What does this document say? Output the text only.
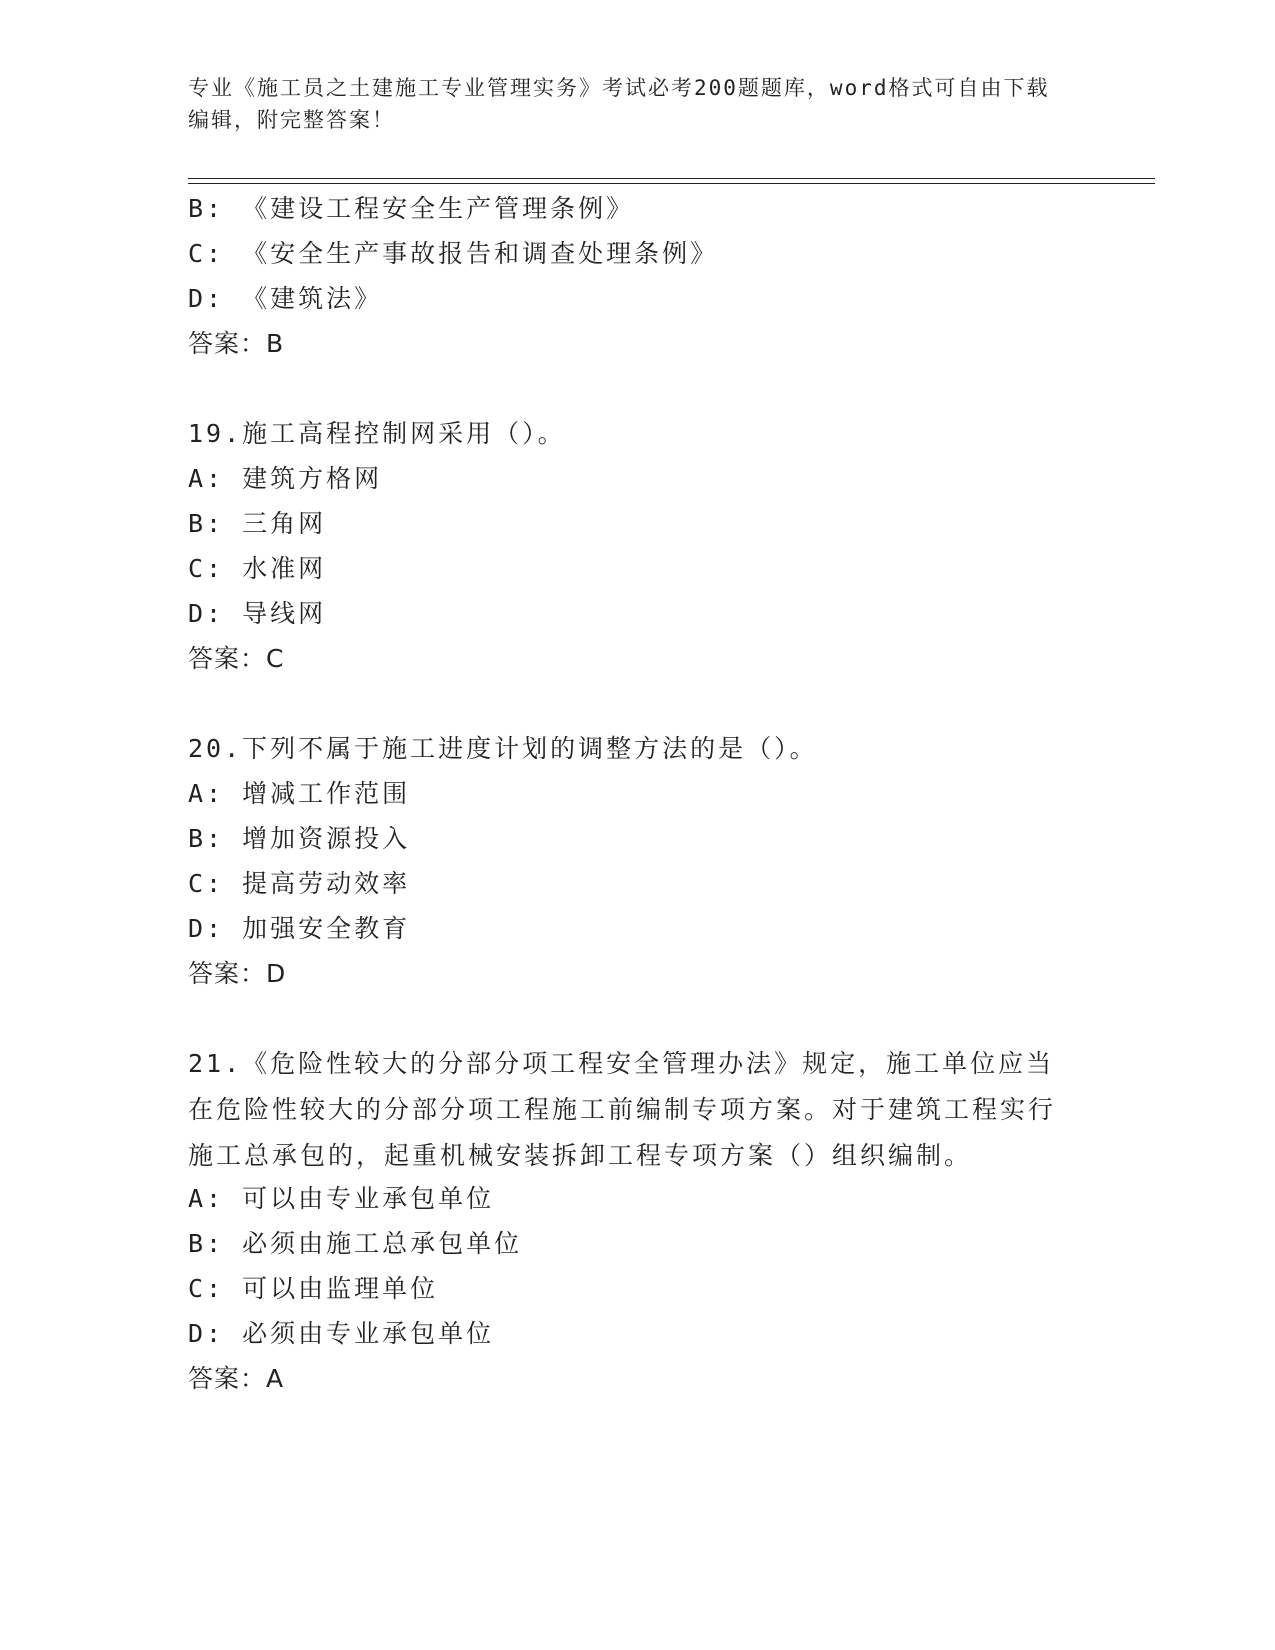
专业《施工员之土建施工专业管理实务》考试必考200题题库，word格式可自由下载编辑，附完整答案！
B: 《建设工程安全生产管理条例》
C: 《安全生产事故报告和调查处理条例》
D: 《建筑法》
答案：B
19.施工高程控制网采用（）。
A: 建筑方格网
B: 三角网
C: 水准网
D: 导线网
答案：C
20.下列不属于施工进度计划的调整方法的是（）。
A: 增减工作范围
B: 增加资源投入
C: 提高劳动效率
D: 加强安全教育
答案：D
21.《危险性较大的分部分项工程安全管理办法》规定，施工单位应当在危险性较大的分部分项工程施工前编制专项方案。对于建筑工程实行施工总承包的，起重机械安装拆卸工程专项方案（）组织编制。
A: 可以由专业承包单位
B: 必须由施工总承包单位
C: 可以由监理单位
D: 必须由专业承包单位
答案：A
